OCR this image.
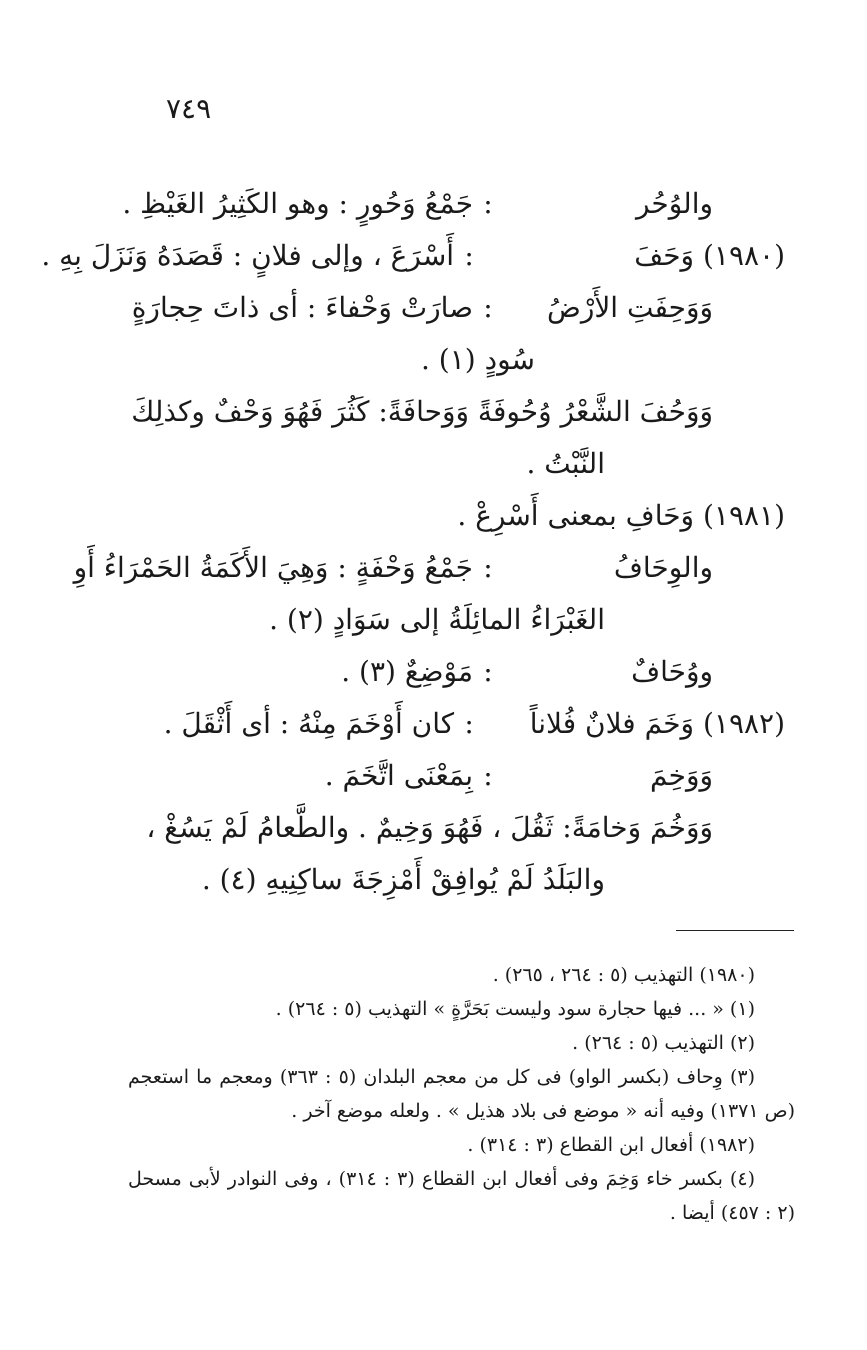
٧٤٩
والوُحُر:جَمْعُ وَحُورٍ : وهو الكَثِيرُ الغَيْظِ .
(١٩٨٠) وَحَفَ:أَسْرَعَ ، وإلى فلانٍ : قَصَدَهُ وَنَزَلَ بِهِ .
وَوَحِفَتِ الأَرْضُ:صارَتْ وَحْفاءَ : أى ذاتَ حِجارَةٍ
سُودٍ (١) .
وَوَحُفَ الشَّعْرُ وُحُوفَةً وَوَحافَةً: كَثُرَ فَهُوَ وَحْفٌ وكذلِكَ
النَّبْتُ .
(١٩٨١) وَحَافِ بمعنى أَسْرِعْ .
والوِحَافُ:جَمْعُ وَحْفَةٍ : وَهِيَ الأَكَمَةُ الحَمْرَاءُ أَوِ
الغَبْرَاءُ المائِلَةُ إلى سَوَادٍ (٢) .
ووُحَافٌ:مَوْضِعٌ (٣) .
(١٩٨٢) وَخَمَ فلانٌ فُلاناً:كان أَوْخَمَ مِنْهُ : أى أَثْقَلَ .
وَوَخِمَ:بِمَعْنَى اتَّخَمَ .
وَوَخُمَ وَخامَةً: ثَقُلَ ، فَهُوَ وَخِيمٌ . والطَّعامُ لَمْ يَسُغْ ،
والبَلَدُ لَمْ يُوافِقْ أَمْزِجَةَ ساكِنِيهِ (٤) .
(١٩٨٠) التهذيب (٥ : ٢٦٤ ، ٢٦٥) .
(١) « ... فيها حجارة سود وليست بَحَرَّةٍ » التهذيب (٥ : ٢٦٤) .
(٢) التهذيب (٥ : ٢٦٤) .
(٣) وِحاف (بكسر الواو) فى كل من معجم البلدان (٥ : ٣٦٣) ومعجم ما استعجم (ص ١٣٧١) وفيه أنه « موضع فى بلاد هذيل » . ولعله موضع آخر .
(١٩٨٢) أفعال ابن القطاع (٣ : ٣١٤) .
(٤) بكسر خاء وَخِمَ وفى أفعال ابن القطاع (٣ : ٣١٤) ، وفى النوادر لأبى مسحل (٢ : ٤٥٧) أيضا .
